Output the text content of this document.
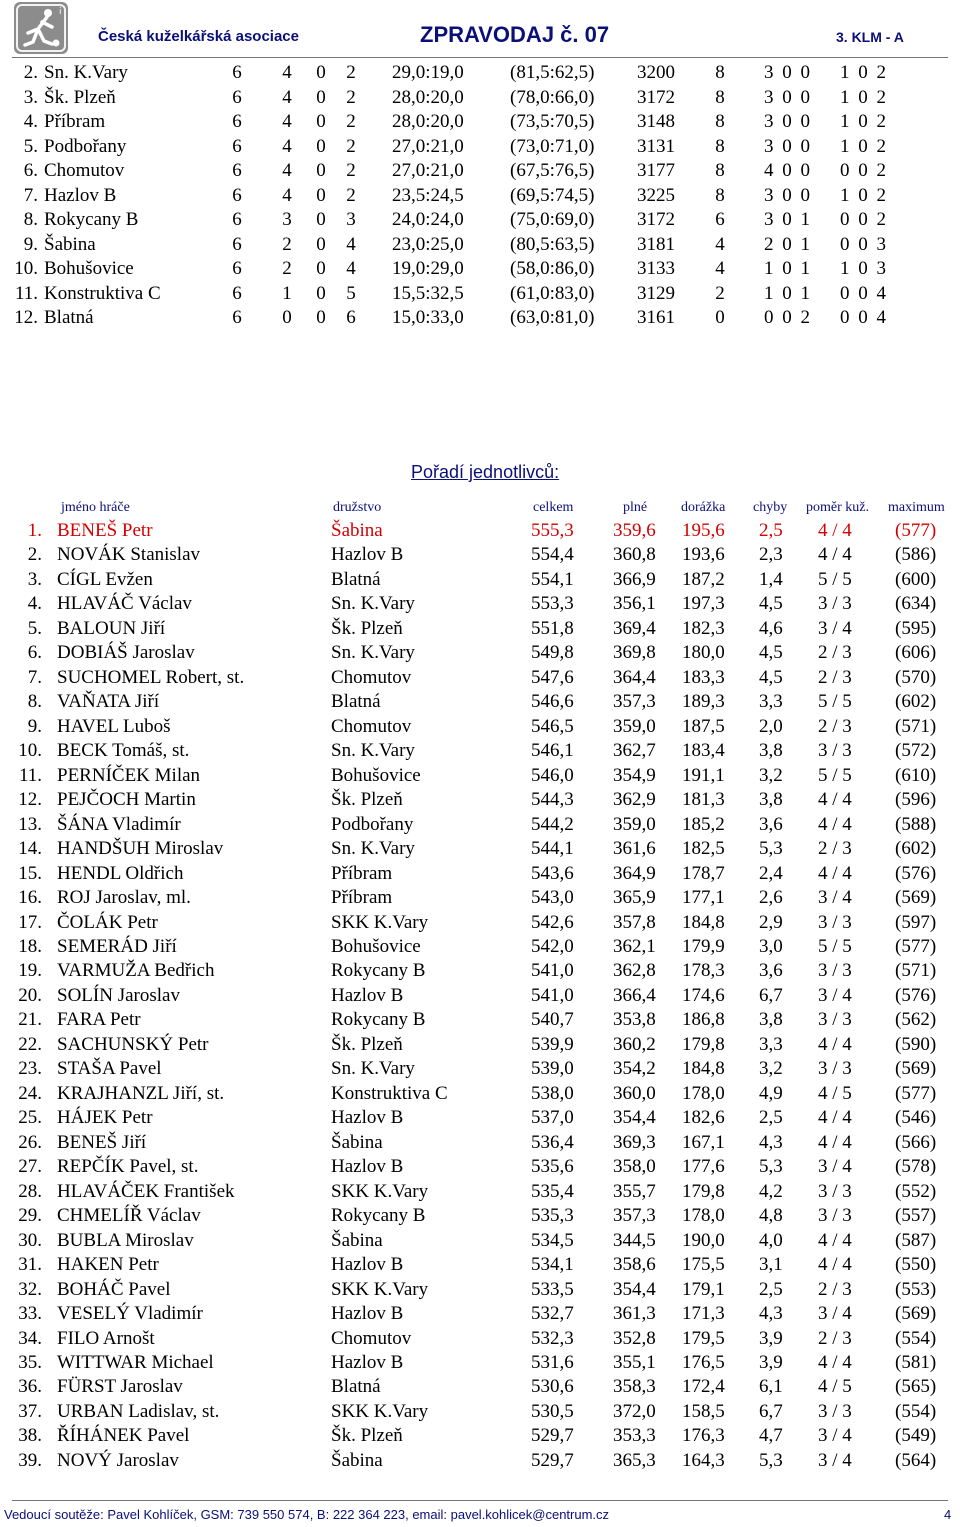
i
Česká kuželkářská asociace	ZPRAVODAJ č. 07	3. KLM - A
2. Sn. K.Vary	6 4 0 2 29,0:19,0 (81,5:62,5) 3200 8 3 0 0 1 0 2
3. Šk. Plzeň	6 4 0 2 28,0:20,0 (78,0:66,0) 3172 8 3 0 0 1 0 2
4. Příbram	6 4 0 2 28,0:20,0 (73,5:70,5) 3148 8 3 0 0 1 0 2
5. Podbořany	6 4 0 2 27,0:21,0 (73,0:71,0) 3131 8 3 0 0 1 0 2
6. Chomutov	6 4 0 2 27,0:21,0 (67,5:76,5) 3177 8 4 0 0 0 0 2
7. Hazlov B	6 4 0 2 23,5:24,5 (69,5:74,5) 3225 8 3 0 0 1 0 2
8. Rokycany B	6 3 0 3 24,0:24,0 (75,0:69,0) 3172 6 3 0 1 0 0 2
9. Šabina	6 2 0 4 23,0:25,0 (80,5:63,5) 3181 4 2 0 1 0 0 3
10. Bohušovice	6 2 0 4 19,0:29,0 (58,0:86,0) 3133 4 1 0 1 1 0 3
11. Konstruktiva C	6 1 0 5 15,5:32,5 (61,0:83,0) 3129 2 1 0 1 0 0 4
12. Blatná	6 0 0 6 15,0:33,0 (63,0:81,0) 3161 0 0 0 2 0 0 4
Pořadí jednotlivců:
jméno hráče	družstvo	celkem	plné dorážka chyby poměr kuž. maximum
1. BENEŠ Petr	Šabina	555,3 359,6 195,6 2,5 4 / 4 (577)
2. NOVÁK Stanislav	Hazlov B	554,4 360,8 193,6 2,3 4 / 4 (586)
3. CÍGL Evžen	Blatná	554,1 366,9 187,2 1,4 5 / 5 (600)
4. HLAVÁČ Václav	Sn. K.Vary	553,3 356,1 197,3 4,5 3 / 3 (634)
5. BALOUN Jiří	Šk. Plzeň	551,8 369,4 182,3 4,6 3 / 4 (595)
6. DOBIÁŠ Jaroslav	Sn. K.Vary	549,8 369,8 180,0 4,5 2 / 3 (606)
7. SUCHOMEL Robert, st.	Chomutov	547,6 364,4 183,3 4,5 2 / 3 (570)
8. VAŇATA Jiří	Blatná	546,6 357,3 189,3 3,3 5 / 5 (602)
9. HAVEL Luboš	Chomutov	546,5 359,0 187,5 2,0 2 / 3 (571)
10. BECK Tomáš, st.	Sn. K.Vary	546,1 362,7 183,4 3,8 3 / 3 (572)
11. PERNÍČEK Milan	Bohušovice	546,0 354,9 191,1 3,2 5 / 5 (610)
12. PEJČOCH Martin	Šk. Plzeň	544,3 362,9 181,3 3,8 4 / 4 (596)
13. ŠÁNA Vladimír	Podbořany	544,2 359,0 185,2 3,6 4 / 4 (588)
14. HANDŠUH Miroslav	Sn. K.Vary	544,1 361,6 182,5 5,3 2 / 3 (602)
15. HENDL Oldřich	Příbram	543,6 364,9 178,7 2,4 4 / 4 (576)
16. ROJ Jaroslav, ml.	Příbram	543,0 365,9 177,1 2,6 3 / 4 (569)
17. ČOLÁK Petr	SKK K.Vary	542,6 357,8 184,8 2,9 3 / 3 (597)
18. SEMERÁD Jiří	Bohušovice	542,0 362,1 179,9 3,0 5 / 5 (577)
19. VARMUŽA Bedřich	Rokycany B	541,0 362,8 178,3 3,6 3 / 3 (571)
20. SOLÍN Jaroslav	Hazlov B	541,0 366,4 174,6 6,7 3 / 4 (576)
21. FARA Petr	Rokycany B	540,7 353,8 186,8 3,8 3 / 3 (562)
22. SACHUNSKÝ Petr	Šk. Plzeň	539,9 360,2 179,8 3,3 4 / 4 (590)
23. STAŠA Pavel	Sn. K.Vary	539,0 354,2 184,8 3,2 3 / 3 (569)
24. KRAJHANZL Jiří, st.	Konstruktiva C	538,0 360,0 178,0 4,9 4 / 5 (577)
25. HÁJEK Petr	Hazlov B	537,0 354,4 182,6 2,5 4 / 4 (546)
26. BENEŠ Jiří	Šabina	536,4 369,3 167,1 4,3 4 / 4 (566)
27. REPČÍK Pavel, st.	Hazlov B	535,6 358,0 177,6 5,3 3 / 4 (578)
28. HLAVÁČEK František	SKK K.Vary	535,4 355,7 179,8 4,2 3 / 3 (552)
29. CHMELÍŘ Václav	Rokycany B	535,3 357,3 178,0 4,8 3 / 3 (557)
30. BUBLA Miroslav	Šabina	534,5 344,5 190,0 4,0 4 / 4 (587)
31. HAKEN Petr	Hazlov B	534,1 358,6 175,5 3,1 4 / 4 (550)
32. BOHÁČ Pavel	SKK K.Vary	533,5 354,4 179,1 2,5 2 / 3 (553)
33. VESELÝ Vladimír	Hazlov B	532,7 361,3 171,3 4,3 3 / 4 (569)
34. FILO Arnošt	Chomutov	532,3 352,8 179,5 3,9 2 / 3 (554)
35. WITTWAR Michael	Hazlov B	531,6 355,1 176,5 3,9 4 / 4 (581)
36. FÜRST Jaroslav	Blatná	530,6 358,3 172,4 6,1 4 / 5 (565)
37. URBAN Ladislav, st.	SKK K.Vary	530,5 372,0 158,5 6,7 3 / 3 (554)
38. ŘÍHÁNEK Pavel	Šk. Plzeň	529,7 353,3 176,3 4,7 3 / 4 (549)
39. NOVÝ Jaroslav	Šabina	529,7 365,3 164,3 5,3 3 / 4 (564)
Vedoucí soutěže: Pavel Kohlíček, GSM: 739 550 574, B: 222 364 223, email: pavel.kohlicek@centrum.cz	4
